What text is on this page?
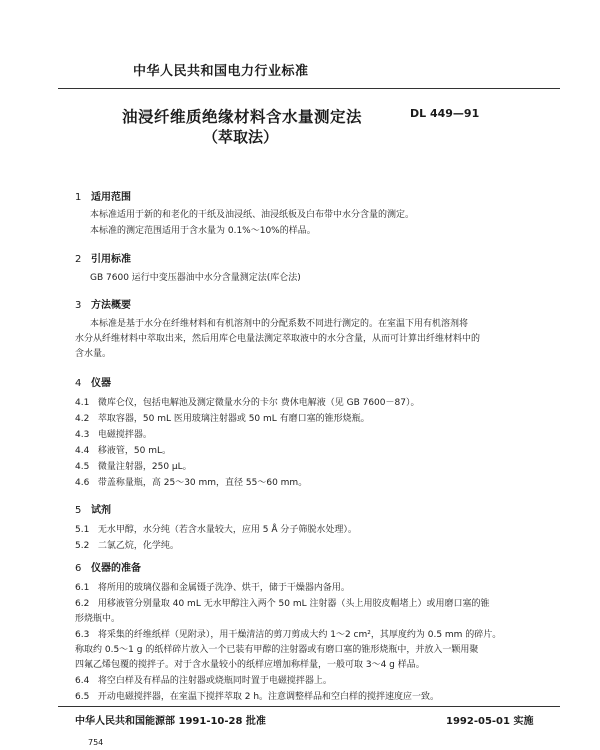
中华人民共和国电力行业标准
油浸纤维质绝缘材料含水量测定法
（萃取法）
DL 449—91
1 适用范围
本标准适用于新的和老化的干纸及油浸纸、油浸纸板及白布带中水分含量的测定。
本标准的测定范围适用于含水量为 0.1%～10%的样品。
2 引用标准
GB 7600 运行中变压器油中水分含量测定法(库仑法)
3 方法概要
本标准是基于水分在纤维材料和有机溶剂中的分配系数不同进行测定的。在室温下用有机溶剂将
水分从纤维材料中萃取出来，然后用库仑电量法测定萃取液中的水分含量，从而可计算出纤维材料中的
含水量。
4 仪器
4.1 微库仑仪，包括电解池及测定微量水分的卡尔 费休电解液（见 GB 7600－87）。
4.2 萃取容器，50 mL 医用玻璃注射器或 50 mL 有磨口塞的锥形烧瓶。
4.3 电磁搅拌器。
4.4 移液管，50 mL。
4.5 微量注射器，250 μL。
4.6 带盖称量瓶，高 25～30 mm，直径 55～60 mm。
5 试剂
5.1 无水甲醇，水分纯（若含水量较大，应用 5 Å 分子筛脱水处理）。
5.2 二氯乙烷，化学纯。
6 仪器的准备
6.1 将所用的玻璃仪器和金属镊子洗净、烘干，储于干燥器内备用。
6.2 用移液管分别量取 40 mL 无水甲醇注入两个 50 mL 注射器（头上用胶皮帽堵上）或用磨口塞的锥
形烧瓶中。
6.3 将采集的纤维纸样（见附录），用干燥清洁的剪刀剪成大约 1～2 cm²，其厚度约为 0.5 mm 的碎片。
称取约 0.5～1 g 的纸样碎片放入一个已装有甲醇的注射器或有磨口塞的锥形烧瓶中，并放入一颗用聚
四氟乙烯包覆的搅拌子。对于含水量较小的纸样应增加称样量，一般可取 3～4 g 样品。
6.4 将空白样及有样品的注射器或烧瓶同时置于电磁搅拌器上。
6.5 开动电磁搅拌器，在室温下搅拌萃取 2 h。注意调整样品和空白样的搅拌速度应一致。
中华人民共和国能源部 1991-10-28 批准	1992-05-01 实施
754
